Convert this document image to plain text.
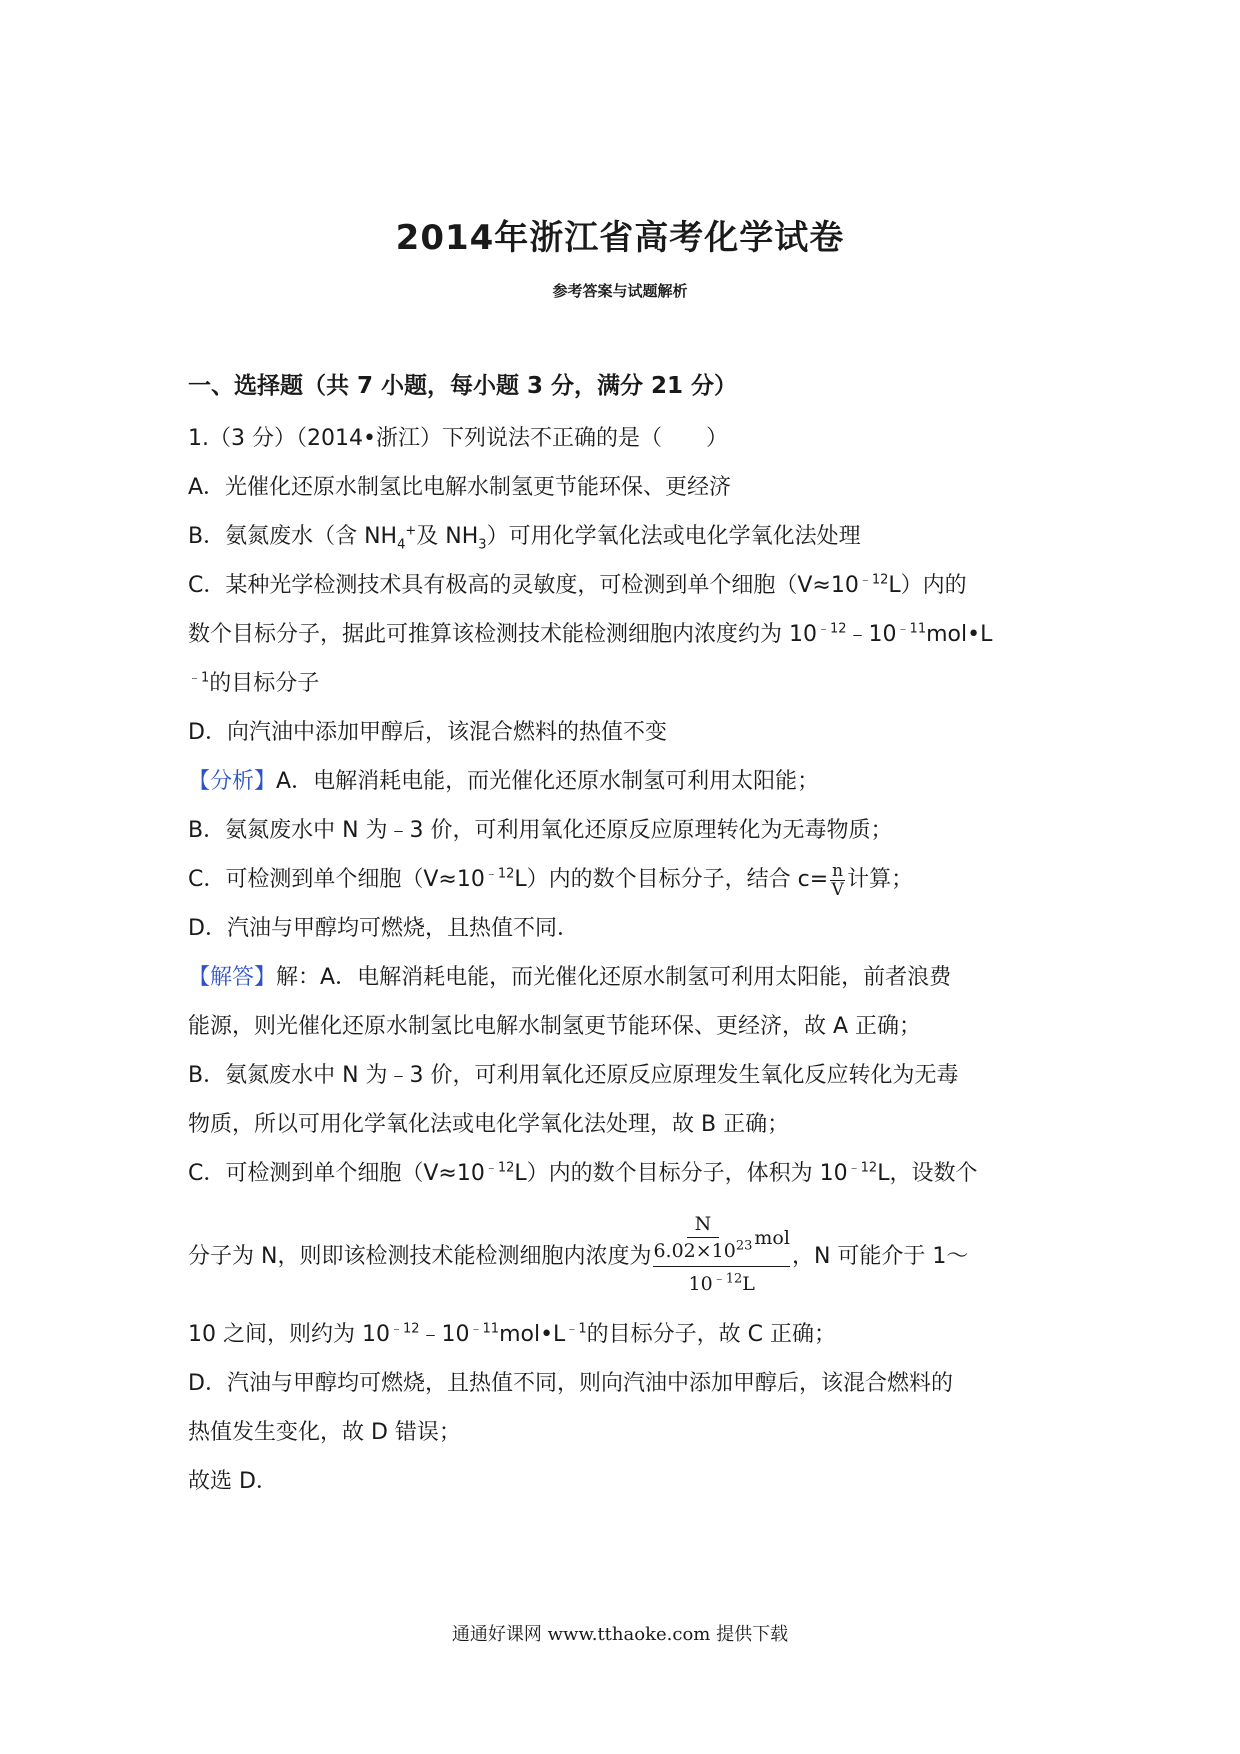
2014年浙江省高考化学试卷
参考答案与试题解析
一、选择题（共 7 小题，每小题 3 分，满分 21 分）
1.（3 分）（2014•浙江）下列说法不正确的是（　　）
A．光催化还原水制氢比电解水制氢更节能环保、更经济
B．氨氮废水（含 $NH_4^+$及 $NH_3$）可用化学氧化法或电化学氧化法处理
C．某种光学检测技术具有极高的灵敏度，可检测到单个细胞$(V\approx 10^{﹣12}L)$内的
数个目标分子，据此可推算该检测技术能检测细胞内浓度约为 $10^{﹣12}﹣10^{﹣11}mol•L$
$^{﹣1}$的目标分子
D．向汽油中添加甲醇后，该混合燃料的热值不变
【分析】A．电解消耗电能，而光催化还原水制氢可利用太阳能；
B．氨氮废水中 N 为﹣3 价，可利用氧化还原反应原理转化为无毒物质；
C．可检测到单个细胞$(V\approx 10^{﹣12}L)$内的数个目标分子，结合 $c= \frac{n}{V}$ 计算；
D．汽油与甲醇均可燃烧，且热值不同．
【解答】解：A．电解消耗电能，而光催化还原水制氢可利用太阳能，前者浪费
能源，则光催化还原水制氢比电解水制氢更节能环保、更经济，故 A 正确；
B．氨氮废水中 N 为﹣3 价，可利用氧化还原反应原理发生氧化反应转化为无毒
物质，所以可用化学氧化法或电化学氧化法处理，故 B 正确；
C．可检测到单个细胞$(V\approx 10^{﹣12}L)$内的数个目标分子，体积为 $10^{﹣12}L$，设数个
分子为 N，则即该检测技术能检测细胞内浓度为 $\frac{\frac{N}{6.02\times 10^{23}} mol}{10^{﹣12}L}$ ，N 可能介于 1～
10 之间，则约为 $10^{﹣12}﹣10^{﹣11}mol•L^{﹣1}$的目标分子，故 C 正确；
D．汽油与甲醇均可燃烧，且热值不同，则向汽油中添加甲醇后，该混合燃料的
热值发生变化，故 D 错误；
故选 D．
通通好课网 www.tthaoke.com 提供下载
